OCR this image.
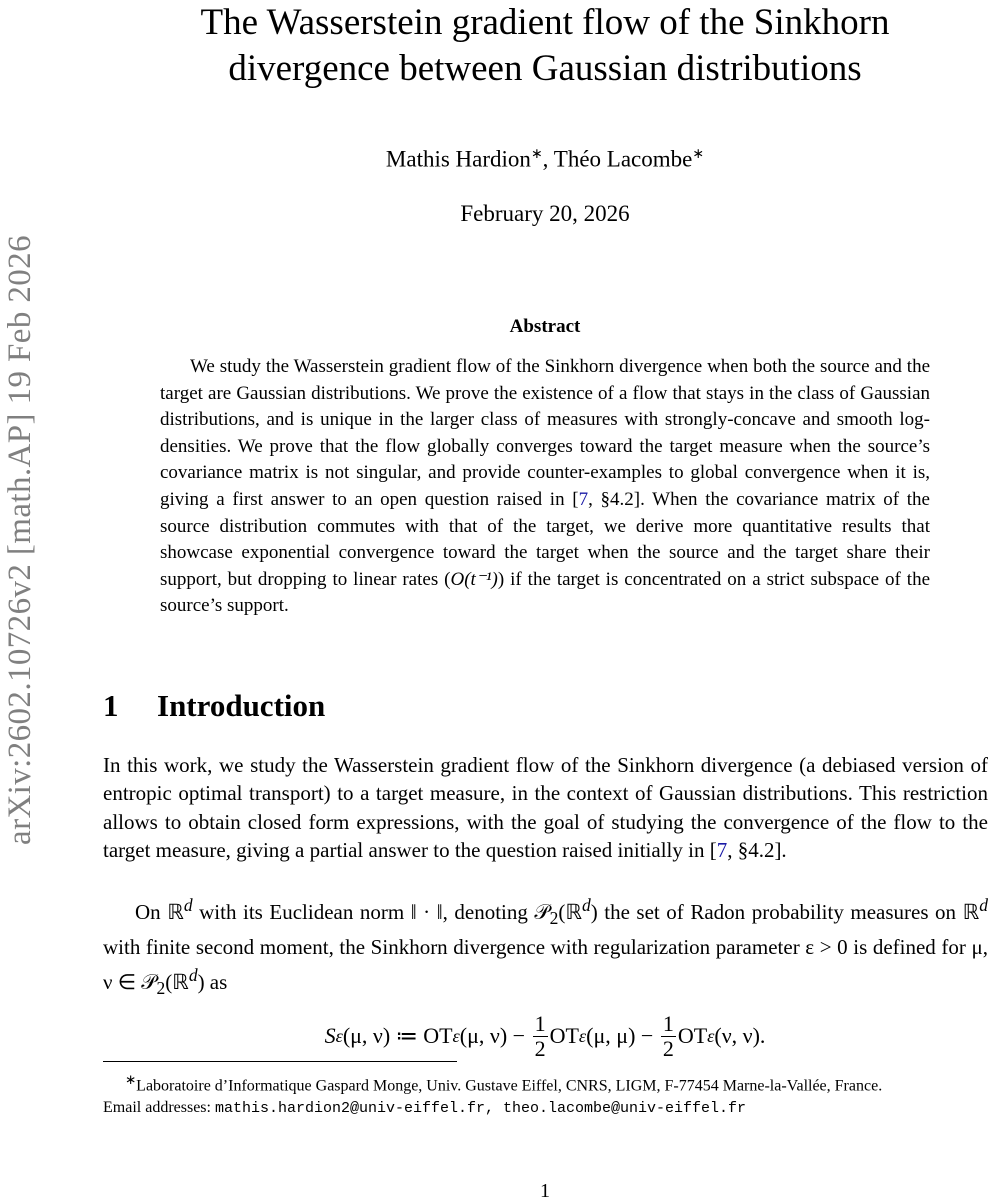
arXiv:2602.10726v2 [math.AP] 19 Feb 2026
The Wasserstein gradient flow of the Sinkhorn
divergence between Gaussian distributions
Mathis Hardion∗, Théo Lacombe∗
February 20, 2026
Abstract
We study the Wasserstein gradient flow of the Sinkhorn divergence when both the source and the target are Gaussian distributions. We prove the existence of a flow that stays in the class of Gaussian distributions, and is unique in the larger class of measures with strongly-concave and smooth log-densities. We prove that the flow globally converges toward the target measure when the source’s covariance matrix is not singular, and provide counter-examples to global convergence when it is, giving a first answer to an open question raised in [7, §4.2]. When the covariance matrix of the source distribution commutes with that of the target, we derive more quantitative results that showcase exponential convergence toward the target when the source and the target share their support, but dropping to linear rates (O(t⁻¹)) if the target is concentrated on a strict subspace of the source’s support.
1 Introduction
In this work, we study the Wasserstein gradient flow of the Sinkhorn divergence (a debiased version of entropic optimal transport) to a target measure, in the context of Gaussian distributions. This restriction allows to obtain closed form expressions, with the goal of studying the convergence of the flow to the target measure, giving a partial answer to the question raised initially in [7, §4.2].
On ℝ$^d$ with its Euclidean norm ‖ · ‖, denoting 𝒫$_2$(ℝ$^d$) the set of Radon probability measures on ℝ$^d$ with finite second moment, the Sinkhorn divergence with regularization parameter ε > 0 is defined for μ, ν ∈ 𝒫$_2$(ℝ$^d$) as
S ε (μ, ν) ≔ OT ε (μ, ν) −
$\frac{1}{2}$ OT ε (μ, μ) −
$\frac{1}{2}$ OT ε (ν, ν).
∗Laboratoire d’Informatique Gaspard Monge, Univ. Gustave Eiffel, CNRS, LIGM, F-77454 Marne-la-Vallée, France.
Email addresses: mathis.hardion2@univ-eiffel.fr, theo.lacombe@univ-eiffel.fr
1
